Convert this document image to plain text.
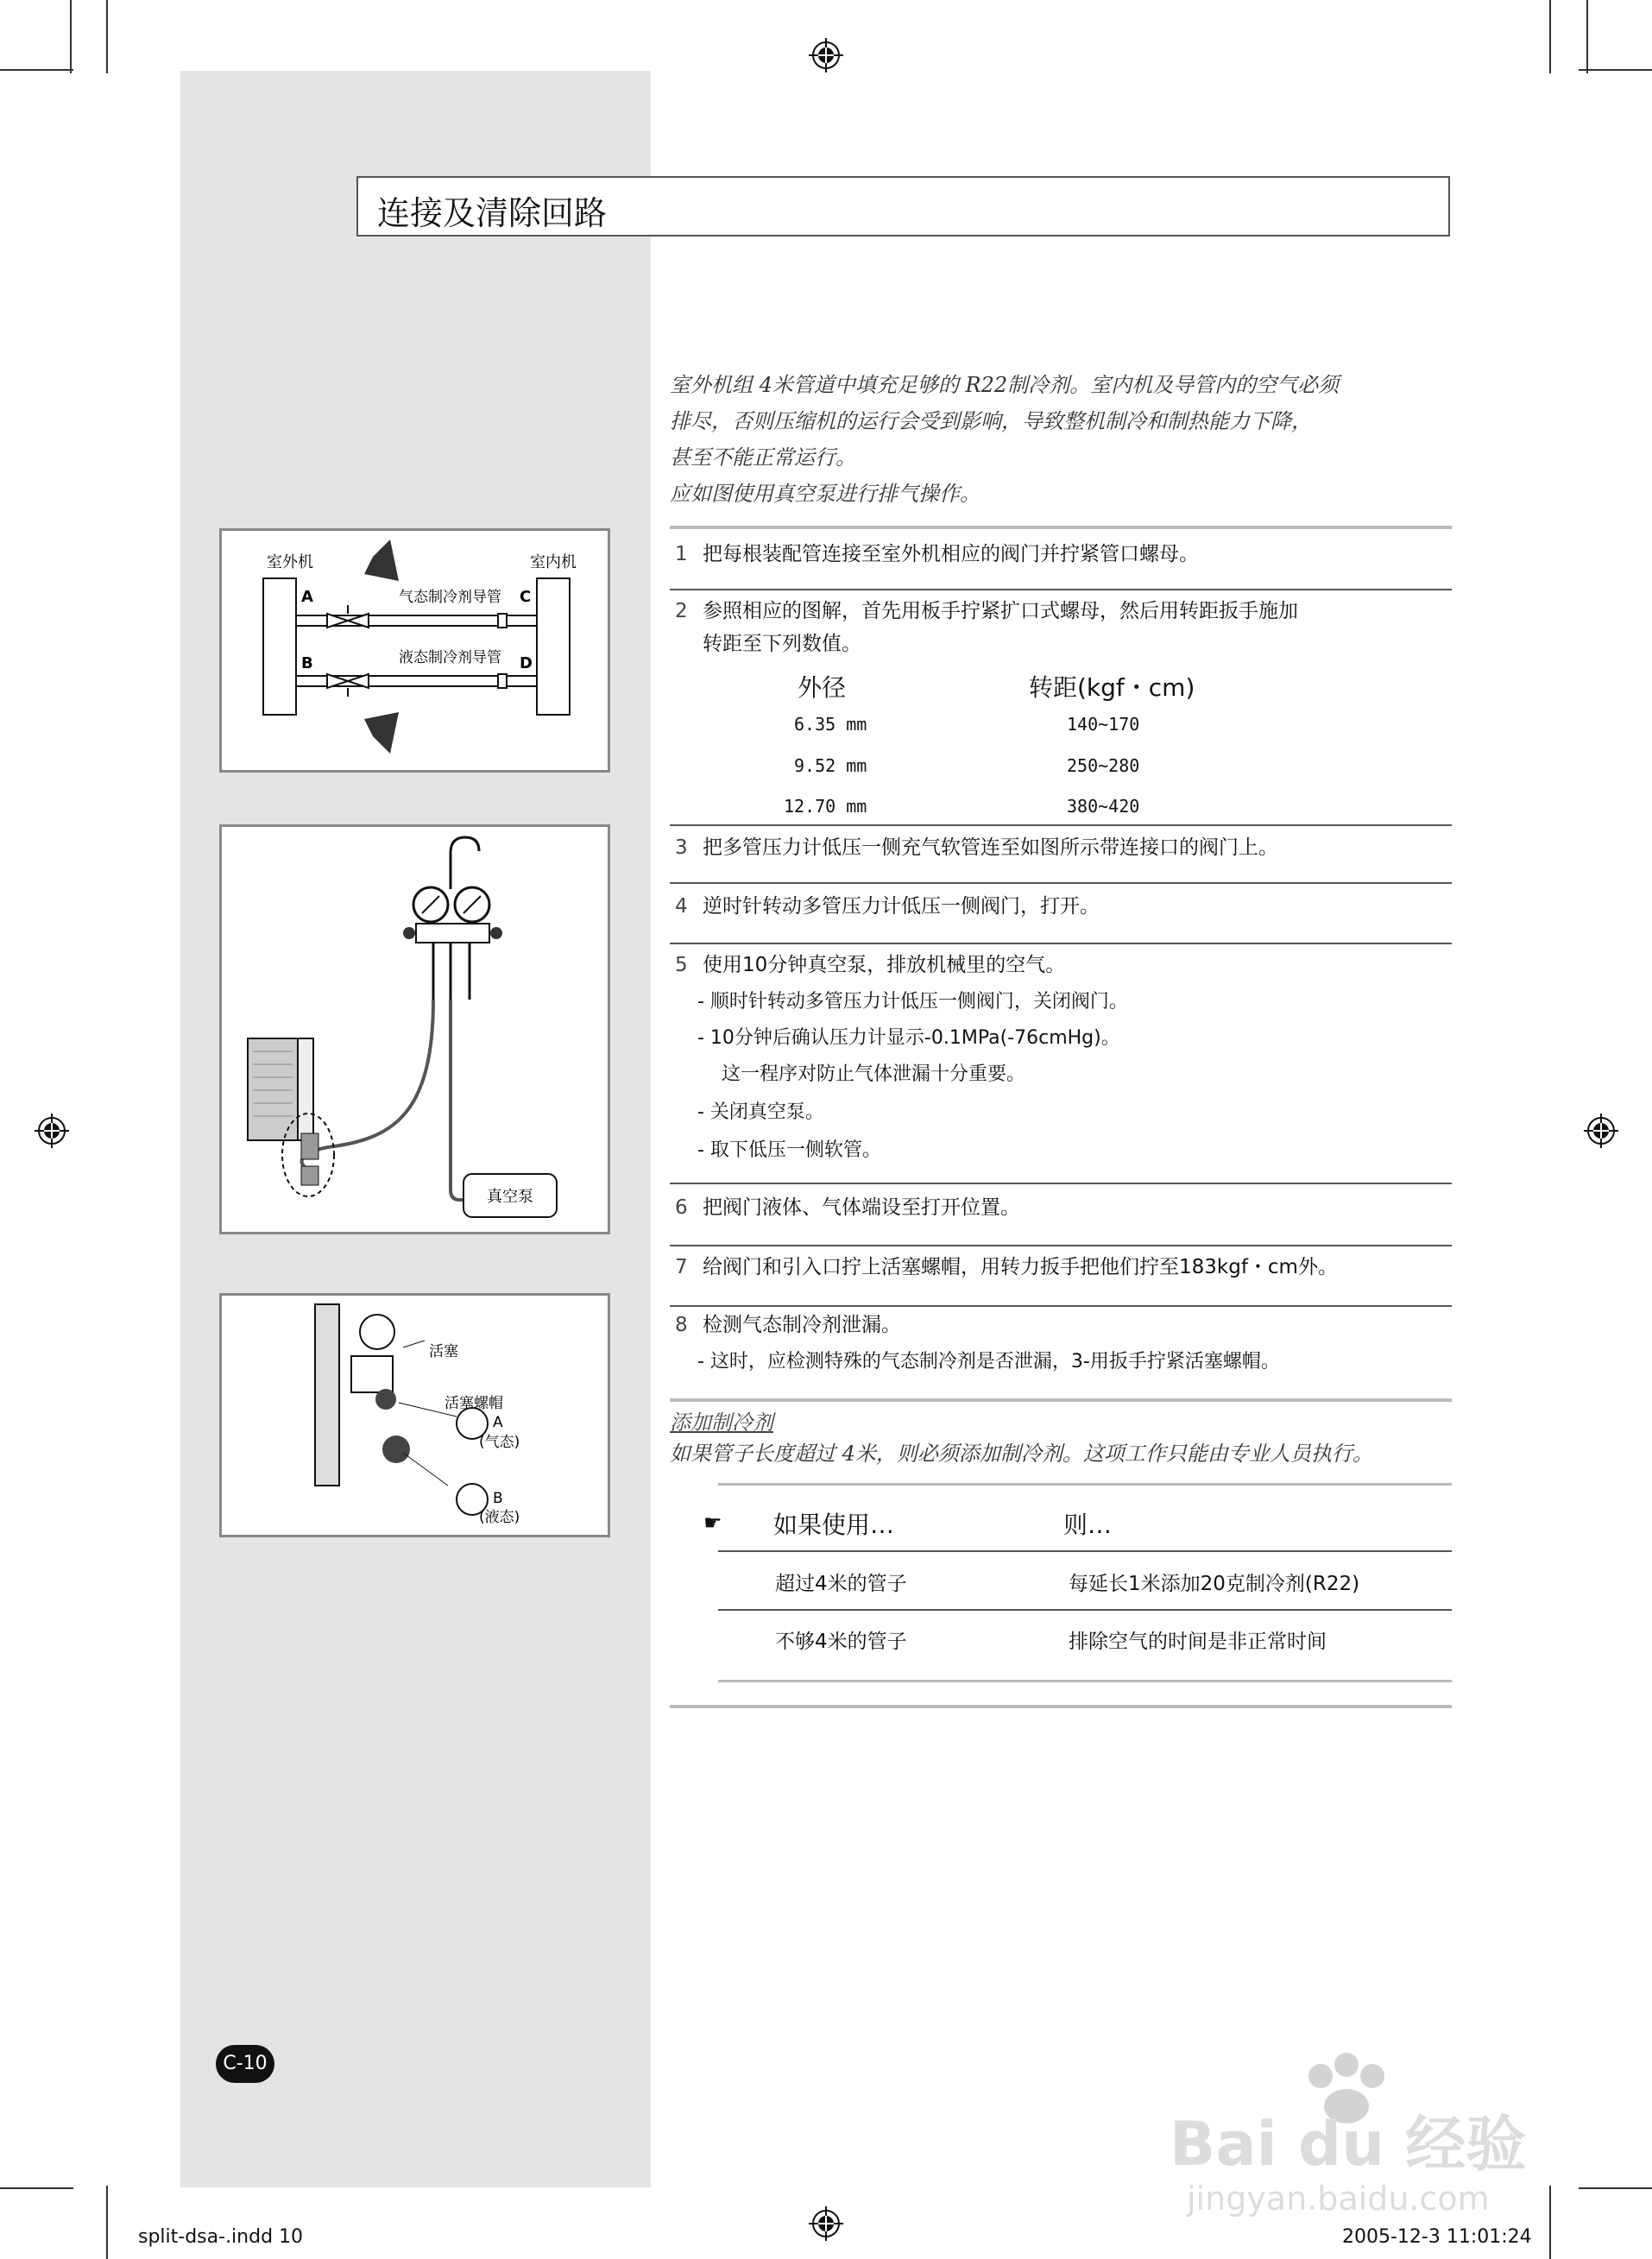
连接及清除回路
室外机组 4米管道中填充足够的 R22制冷剂。室内机及导管内的空气必须
排尽，否则压缩机的运行会受到影响，导致整机制冷和制热能力下降，
甚至不能正常运行。
应如图使用真空泵进行排气操作。
1 把每根装配管连接至室外机相应的阀门并拧紧管口螺母。
2 参照相应的图解，首先用板手拧紧扩口式螺母，然后用转距扳手施加
转距至下列数值。
外径	转距(kgf・cm)
6.35 mm	140~170
9.52 mm	250~280
12.70 mm	380~420
3 把多管压力计低压一侧充气软管连至如图所示带连接口的阀门上。
4 逆时针转动多管压力计低压一侧阀门，打开。
5 使用10分钟真空泵，排放机械里的空气。
- 顺时针转动多管压力计低压一侧阀门，关闭阀门。
- 10分钟后确认压力计显示-0.1MPa(-76cmHg)。
这一程序对防止气体泄漏十分重要。
- 关闭真空泵。
- 取下低压一侧软管。
6 把阀门液体、气体端设至打开位置。
7 给阀门和引入口拧上活塞螺帽，用转力扳手把他们拧至183kgf・cm外。
8 检测气态制冷剂泄漏。
- 这时，应检测特殊的气态制冷剂是否泄漏，3-用扳手拧紧活塞螺帽。
室外机	室内机
A
B
C
D
气态制冷剂导管
液态制冷剂导管
真空泵
活塞
活塞螺帽
A
(气态)
B
(液态)
添加制冷剂
如果管子长度超过 4米，则必须添加制冷剂。这项工作只能由专业人员执行。
☛ 如果使用…	则…
超过4米的管子	每延长1米添加20克制冷剂(R22)
不够4米的管子	排除空气的时间是非正常时间
C-10
Bai du 经验
jingyan.baidu.com
split-dsa-.indd 10	2005-12-3 11:01:24
